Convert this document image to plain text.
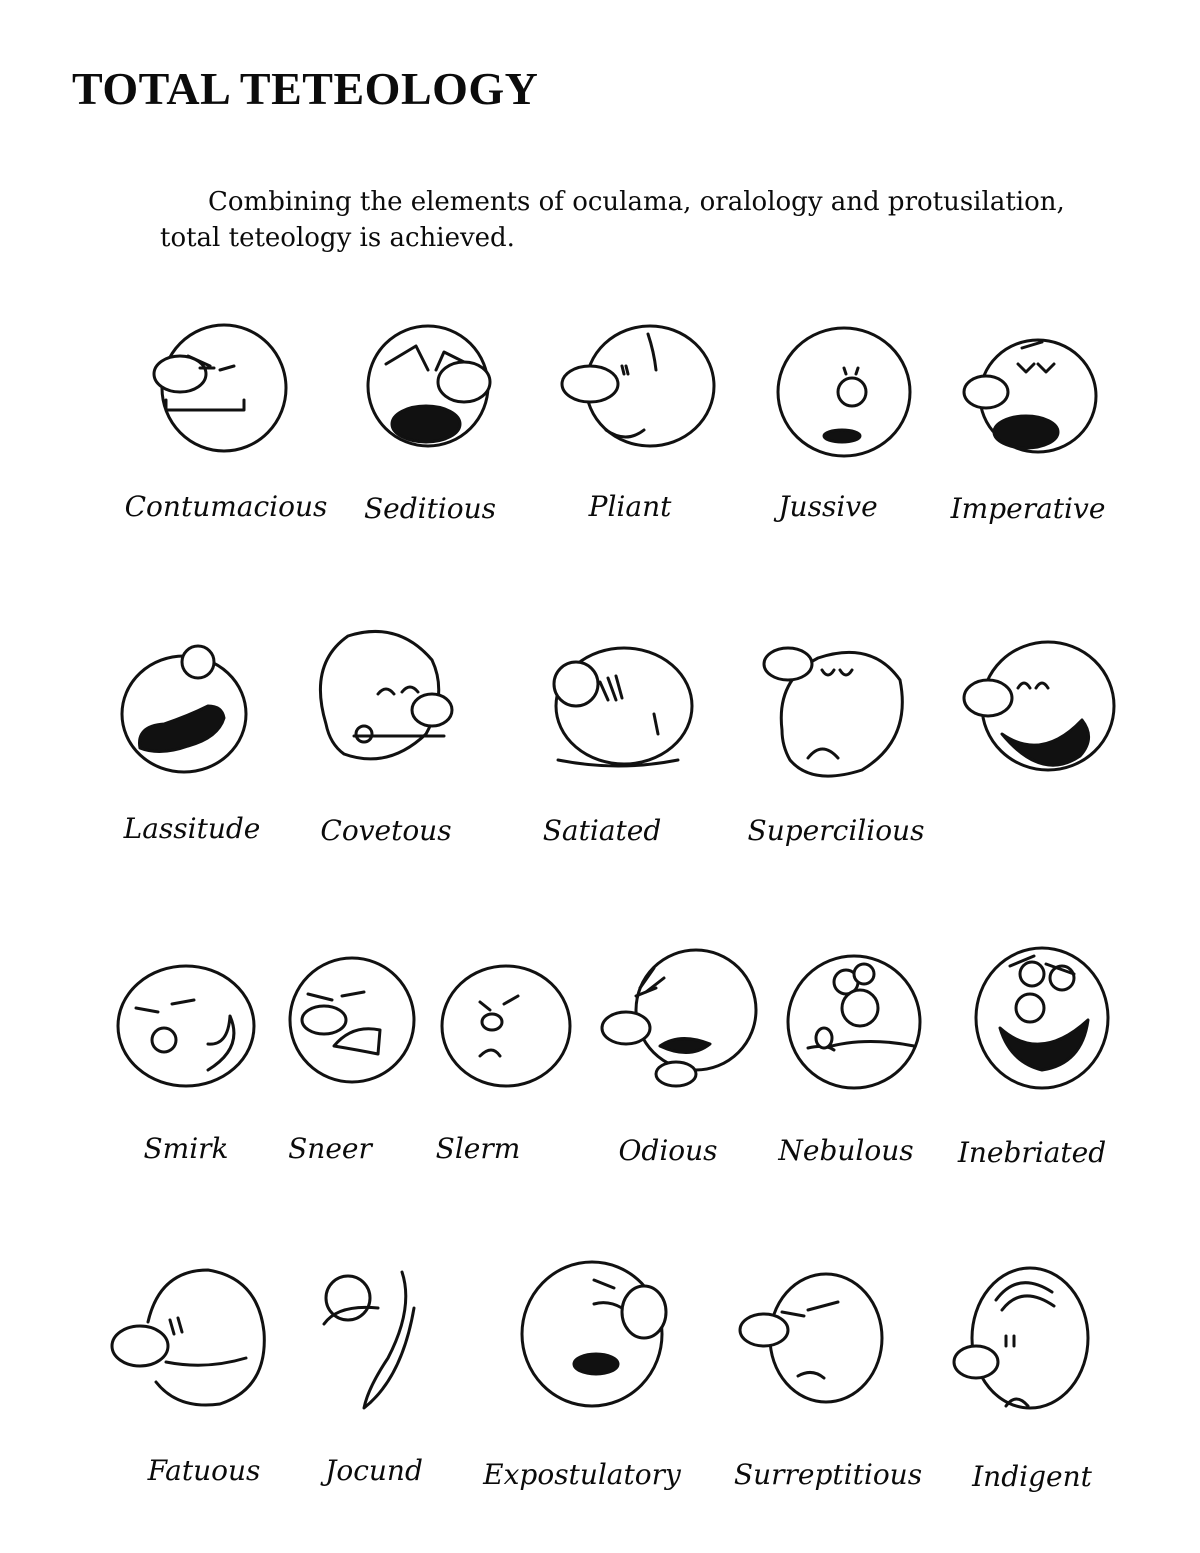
TOTAL TETEOLOGY
Combining the elements of oculama, oralology and protusilation,
total teteology is achieved.
Contumacious Seditious	Pliant	Jussive	Imperative
Lassitude Covetous	Satiated	Supercilious
Smirk Sneer Slerm	Odious Nebulous Inebriated
Fatuous Jocund Expostulatory Surreptitious Indigent
